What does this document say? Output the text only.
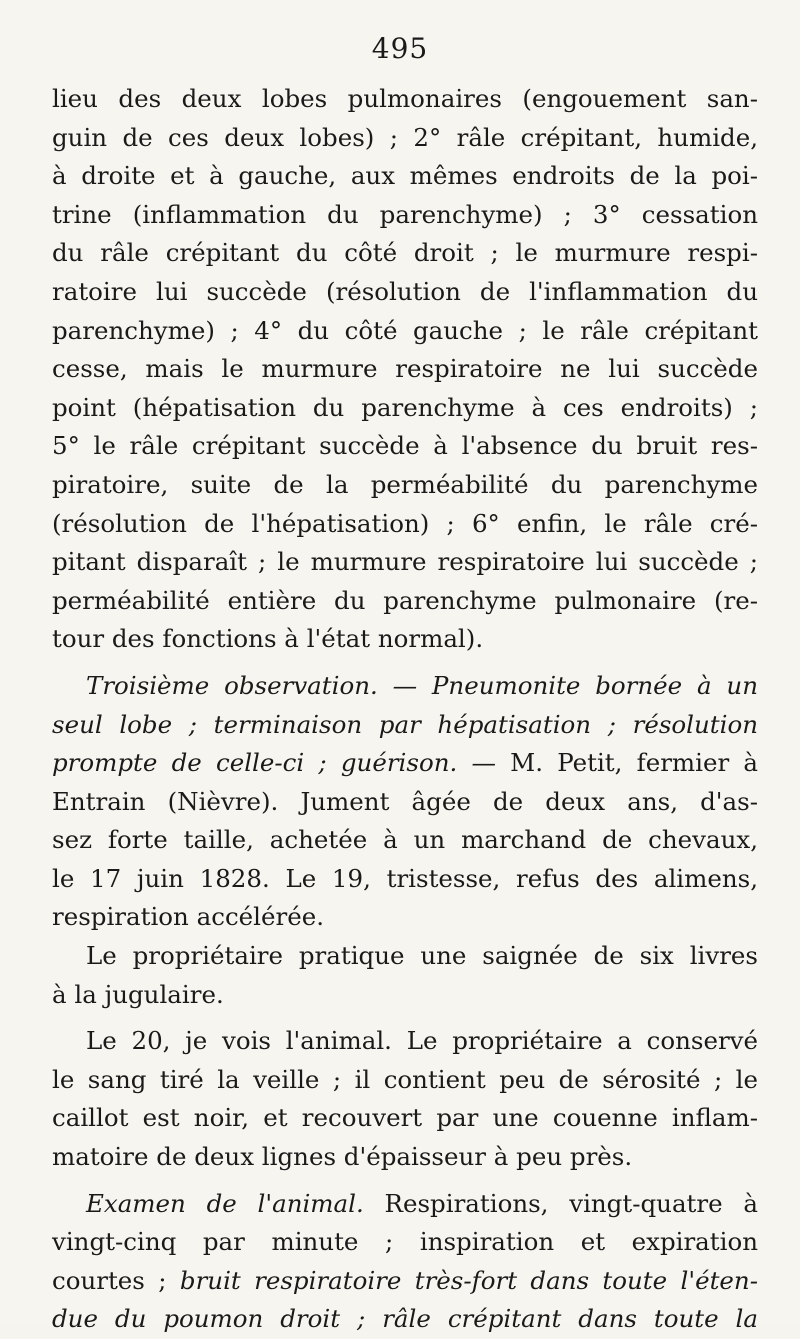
495
lieu des deux lobes pulmonaires (engouement san-
guin de ces deux lobes) ; 2° râle crépitant, humide,
à droite et à gauche, aux mêmes endroits de la poi-
trine (inflammation du parenchyme) ; 3° cessation
du râle crépitant du côté droit ; le murmure respi-
ratoire lui succède (résolution de l'inflammation du
parenchyme) ; 4° du côté gauche ; le râle crépitant
cesse, mais le murmure respiratoire ne lui succède
point (hépatisation du parenchyme à ces endroits) ;
5° le râle crépitant succède à l'absence du bruit res-
piratoire, suite de la perméabilité du parenchyme
(résolution de l'hépatisation) ; 6° enfin, le râle cré-
pitant disparaît ; le murmure respiratoire lui succède ;
perméabilité entière du parenchyme pulmonaire (re-
tour des fonctions à l'état normal).
Troisième observation. — Pneumonite bornée à un
seul lobe ; terminaison par hépatisation ; résolution
prompte de celle-ci ; guérison. — M. Petit, fermier à
Entrain (Nièvre). Jument âgée de deux ans, d'as-
sez forte taille, achetée à un marchand de chevaux,
le 17 juin 1828. Le 19, tristesse, refus des alimens,
respiration accélérée.
Le propriétaire pratique une saignée de six livres
à la jugulaire.
Le 20, je vois l'animal. Le propriétaire a conservé
le sang tiré la veille ; il contient peu de sérosité ; le
caillot est noir, et recouvert par une couenne inflam-
matoire de deux lignes d'épaisseur à peu près.
Examen de l'animal. Respirations, vingt-quatre à
vingt-cinq par minute ; inspiration et expiration
courtes ; bruit respiratoire très-fort dans toute l'éten-
due du poumon droit ; râle crépitant dans toute la
